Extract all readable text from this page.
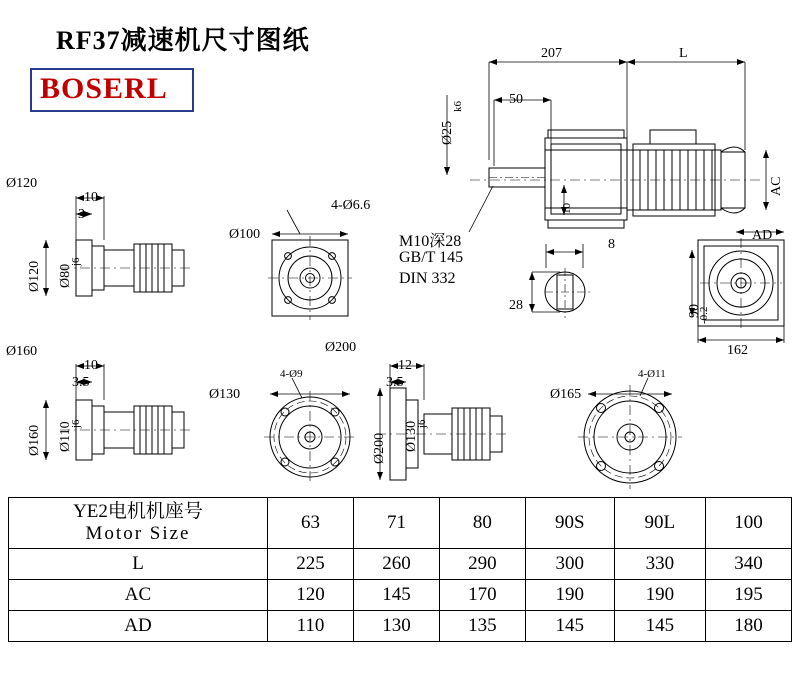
RF37减速机尺寸图纸
BOSERL
207	L
50
Ø25
k6
AC
10
M10深28
GB/T 145
DIN 332
8
28
AD
90
-0.2
162
Ø120
10
3
Ø120 Ø80
j6
4-Ø6.6
Ø100
Ø160
10
3.5
Ø160 Ø110
j6
4-Ø9
Ø130
Ø200
12
3.5
Ø200 Ø130
j6
4-Ø11
Ø165
YE2电机机座号
Motor Size	63	71	80	90S	90L	100
L	225	260	290	300	330	340
AC	120	145	170	190	190	195
AD	110	130	135	145	145	180
